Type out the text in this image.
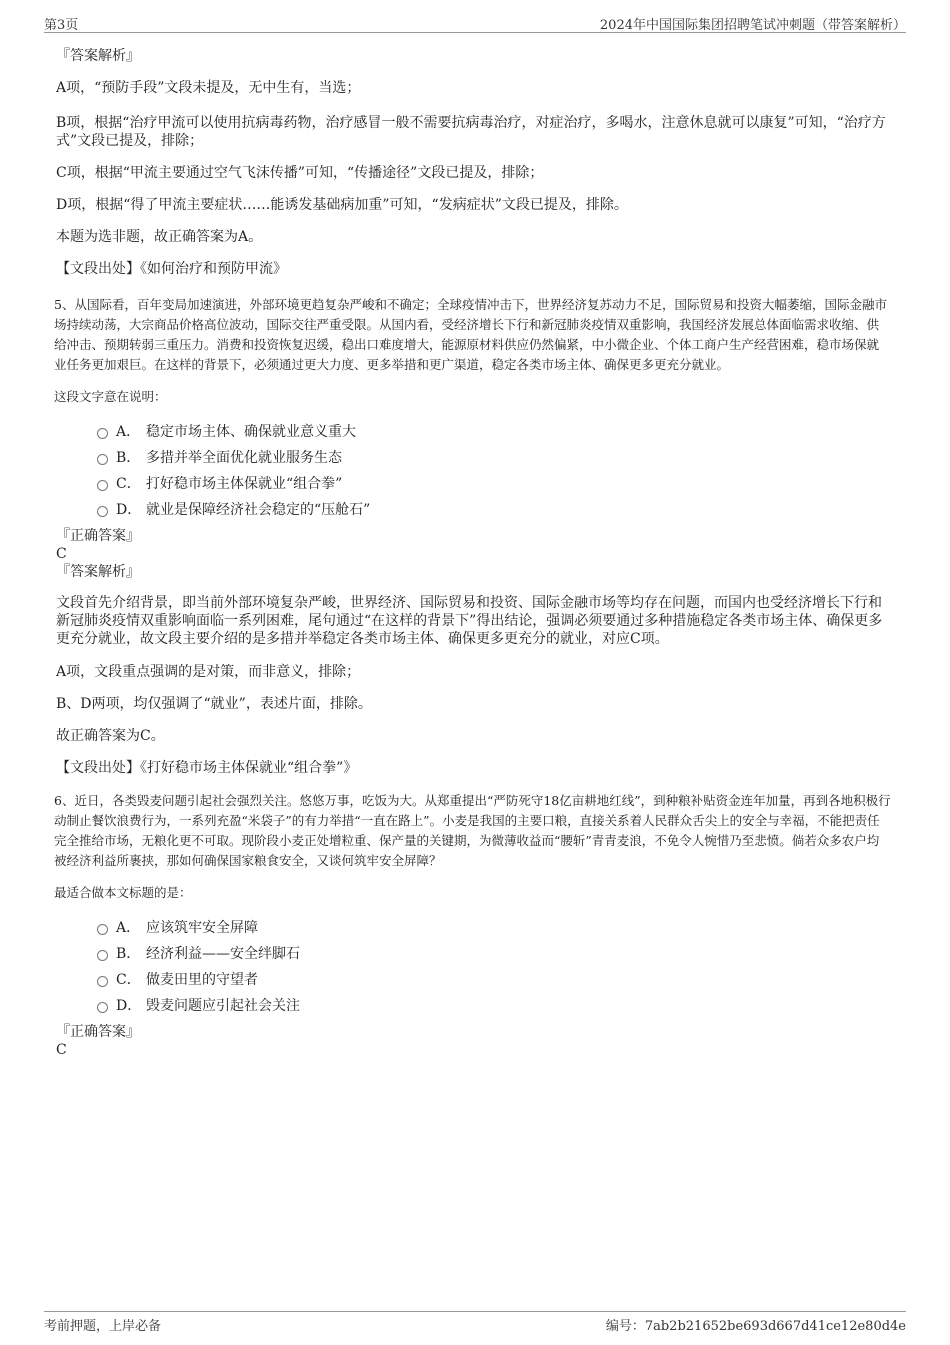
第3页	2024年中国国际集团招聘笔试冲刺题（带答案解析）

『答案解析』

A项，“预防手段”文段未提及，无中生有，当选；

B项，根据“治疗甲流可以使用抗病毒药物，治疗感冒一般不需要抗病毒治疗，对症治疗，多喝水，注意休息就可以康复”可知，“治疗方式”文段已提及，排除；

C项，根据“甲流主要通过空气飞沫传播”可知，“传播途径”文段已提及，排除；

D项，根据“得了甲流主要症状……能诱发基础病加重”可知，“发病症状”文段已提及，排除。

本题为选非题，故正确答案为A。

【文段出处】《如何治疗和预防甲流》

5、从国际看，百年变局加速演进，外部环境更趋复杂严峻和不确定；全球疫情冲击下，世界经济复苏动力不足，国际贸易和投资大幅萎缩，国际金融市场持续动荡，大宗商品价格高位波动，国际交往严重受限。从国内看，受经济增长下行和新冠肺炎疫情双重影响，我国经济发展总体面临需求收缩、供给冲击、预期转弱三重压力。消费和投资恢复迟缓，稳出口难度增大，能源原材料供应仍然偏紧，中小微企业、个体工商户生产经营困难，稳市场保就业任务更加艰巨。在这样的背景下，必须通过更大力度、更多举措和更广渠道，稳定各类市场主体、确保更多更充分就业。

这段文字意在说明：

A． 稳定市场主体、确保就业意义重大
B． 多措并举全面优化就业服务生态
C． 打好稳市场主体保就业“组合拳”
D． 就业是保障经济社会稳定的“压舱石”

『正确答案』

C

『答案解析』

文段首先介绍背景，即当前外部环境复杂严峻，世界经济、国际贸易和投资、国际金融市场等均存在问题，而国内也受经济增长下行和新冠肺炎疫情双重影响面临一系列困难，尾句通过“在这样的背景下”得出结论，强调必须要通过多种措施稳定各类市场主体、确保更多更充分就业，故文段主要介绍的是多措并举稳定各类市场主体、确保更多更充分的就业，对应C项。

A项，文段重点强调的是对策，而非意义，排除；

B、D两项，均仅强调了“就业”，表述片面，排除。

故正确答案为C。

【文段出处】《打好稳市场主体保就业“组合拳”》

6、近日，各类毁麦问题引起社会强烈关注。悠悠万事，吃饭为大。从郑重提出“严防死守18亿亩耕地红线”，到种粮补贴资金连年加量，再到各地积极行动制止餐饮浪费行为，一系列充盈“米袋子”的有力举措“一直在路上”。小麦是我国的主要口粮，直接关系着人民群众舌尖上的安全与幸福，不能把责任完全推给市场，无粮化更不可取。现阶段小麦正处增粒重、保产量的关键期，为微薄收益而“腰斩”青青麦浪，不免令人惋惜乃至悲愤。倘若众多农户均被经济利益所裹挟，那如何确保国家粮食安全，又谈何筑牢安全屏障？

最适合做本文标题的是：

A． 应该筑牢安全屏障
B． 经济利益——安全绊脚石
C． 做麦田里的守望者
D． 毁麦问题应引起社会关注

『正确答案』

C

考前押题，上岸必备	编号：7ab2b21652be693d667d41ce12e80d4e
